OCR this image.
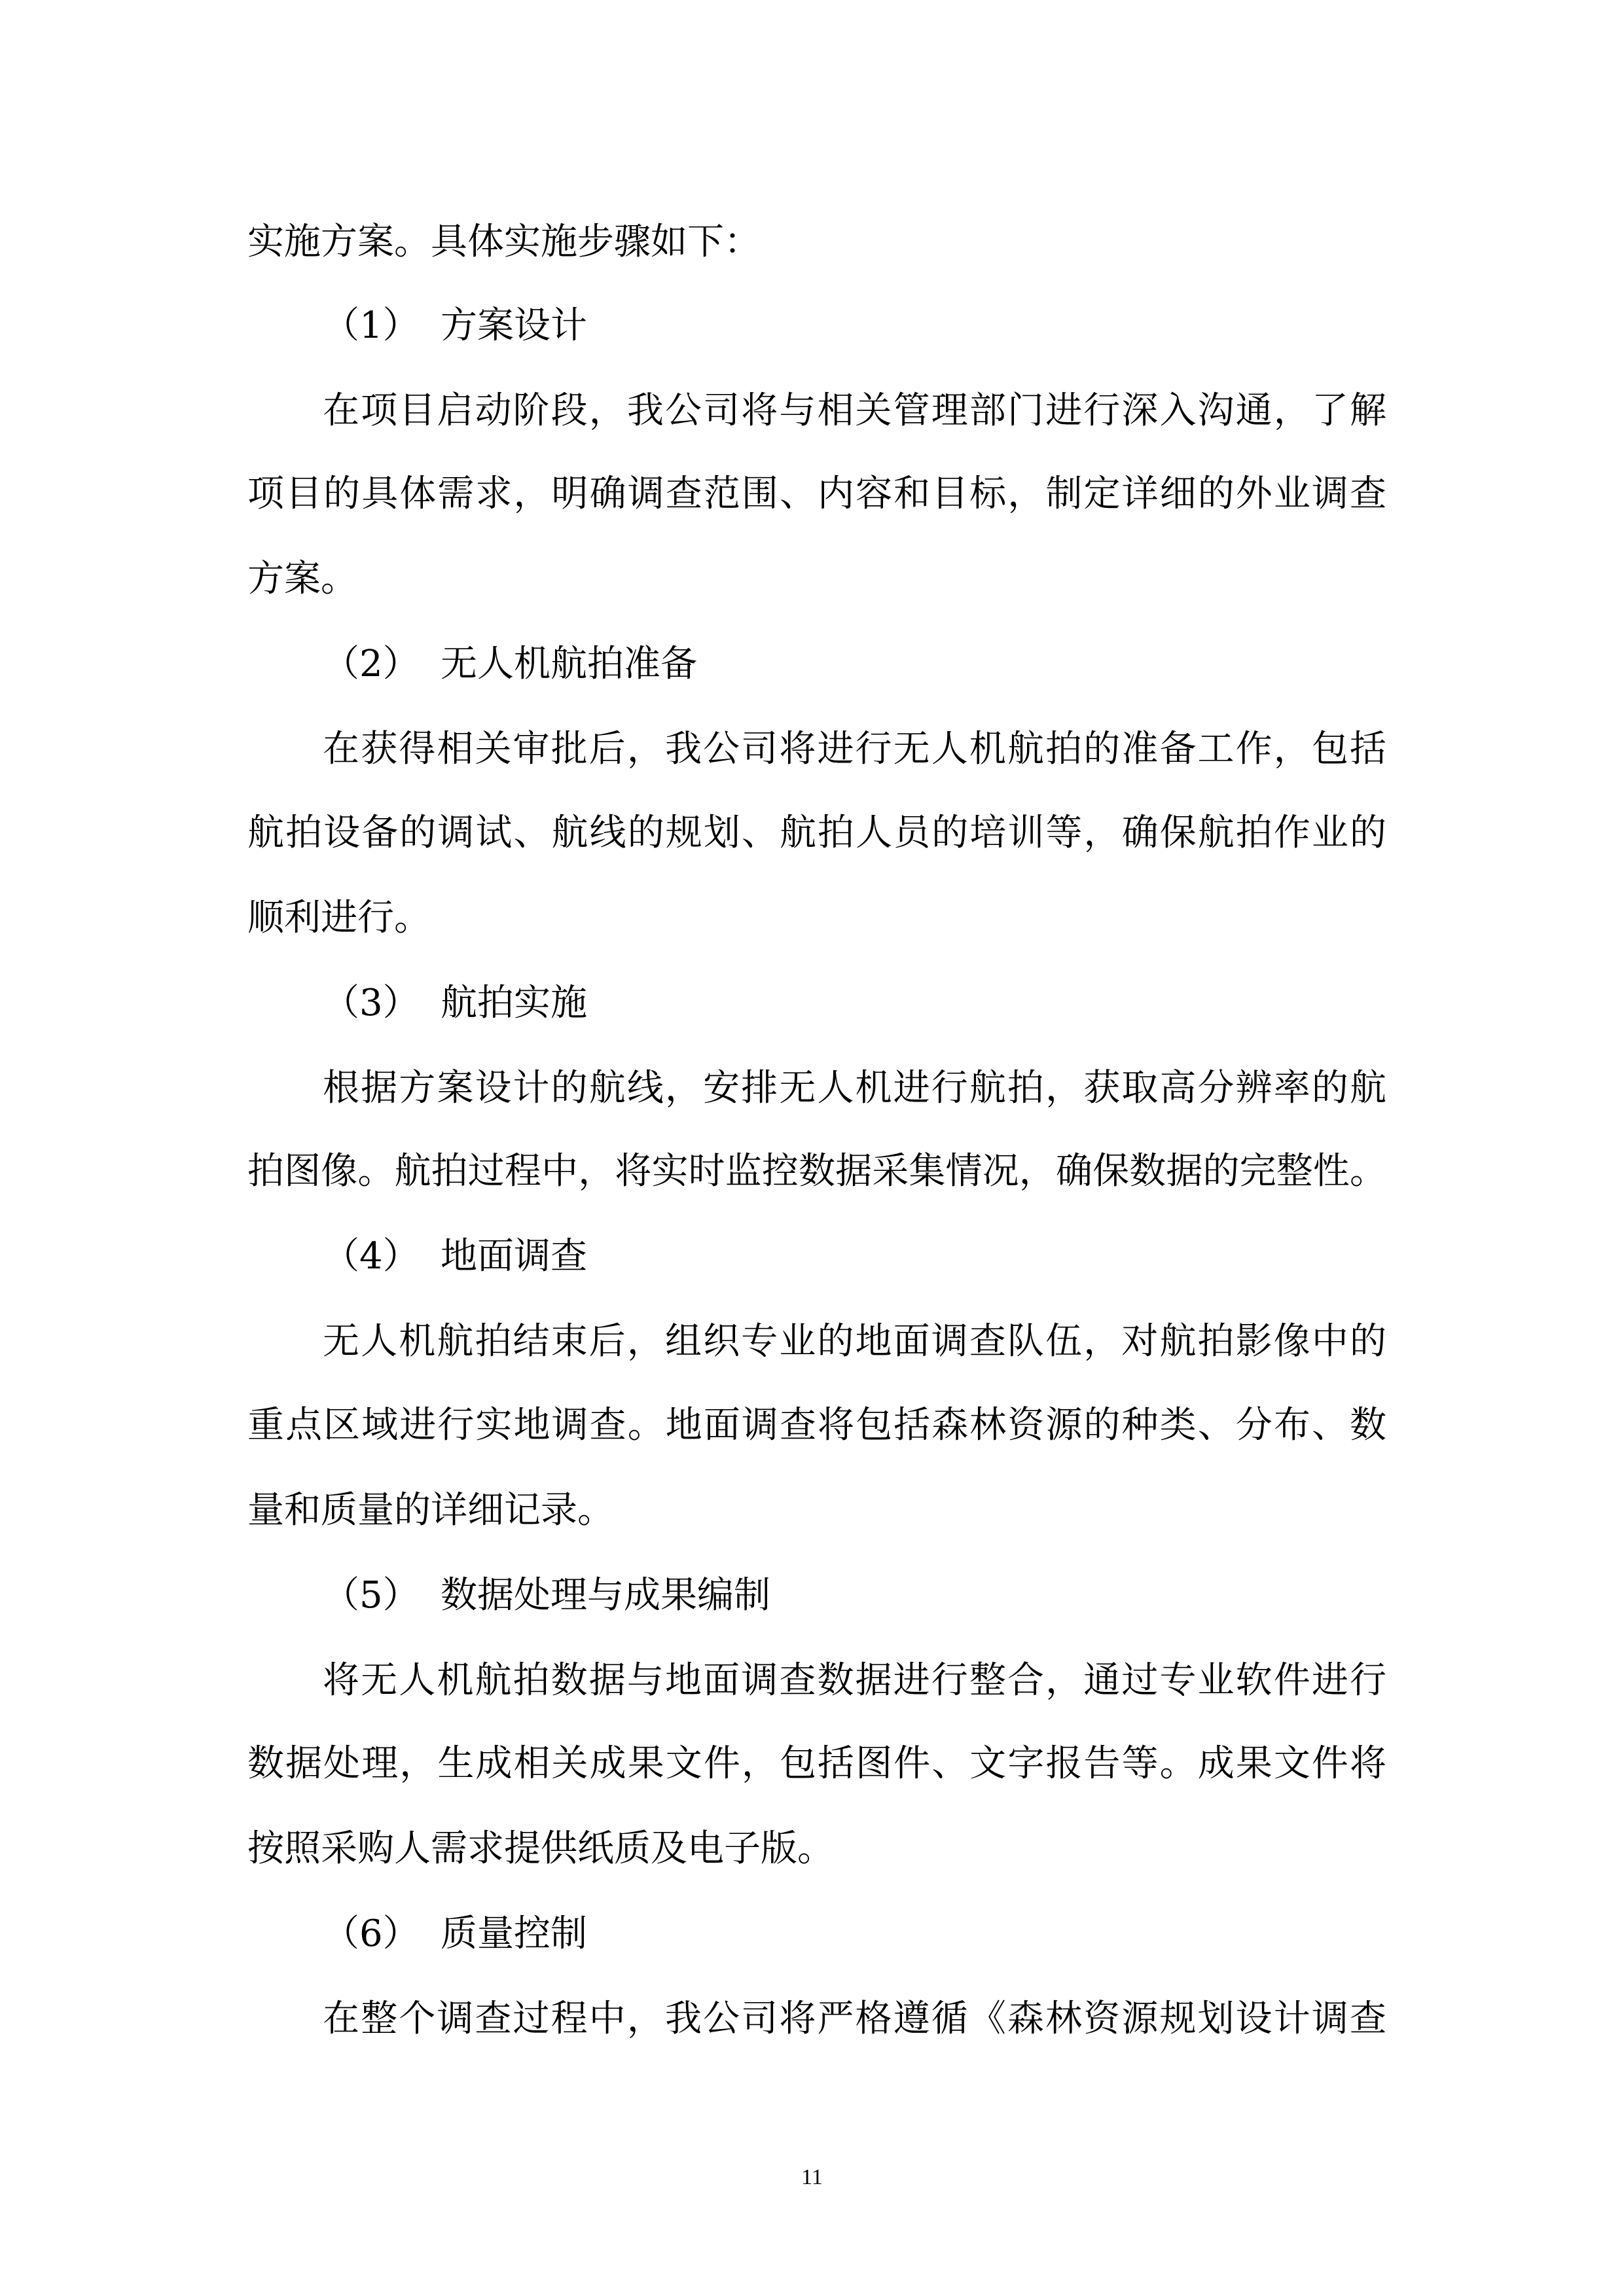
实施方案。具体实施步骤如下：
（1） 方案设计
在项目启动阶段，我公司将与相关管理部门进行深入沟通，了解
项目的具体需求，明确调查范围、内容和目标，制定详细的外业调查
方案。
（2） 无人机航拍准备
在获得相关审批后，我公司将进行无人机航拍的准备工作，包括
航拍设备的调试、航线的规划、航拍人员的培训等，确保航拍作业的
顺利进行。
（3） 航拍实施
根据方案设计的航线，安排无人机进行航拍，获取高分辨率的航
拍图像。航拍过程中，将实时监控数据采集情况，确保数据的完整性。
（4） 地面调查
无人机航拍结束后，组织专业的地面调查队伍，对航拍影像中的
重点区域进行实地调查。地面调查将包括森林资源的种类、分布、数
量和质量的详细记录。
（5） 数据处理与成果编制
将无人机航拍数据与地面调查数据进行整合，通过专业软件进行
数据处理，生成相关成果文件，包括图件、文字报告等。成果文件将
按照采购人需求提供纸质及电子版。
（6） 质量控制
在整个调查过程中，我公司将严格遵循《森林资源规划设计调查
11
